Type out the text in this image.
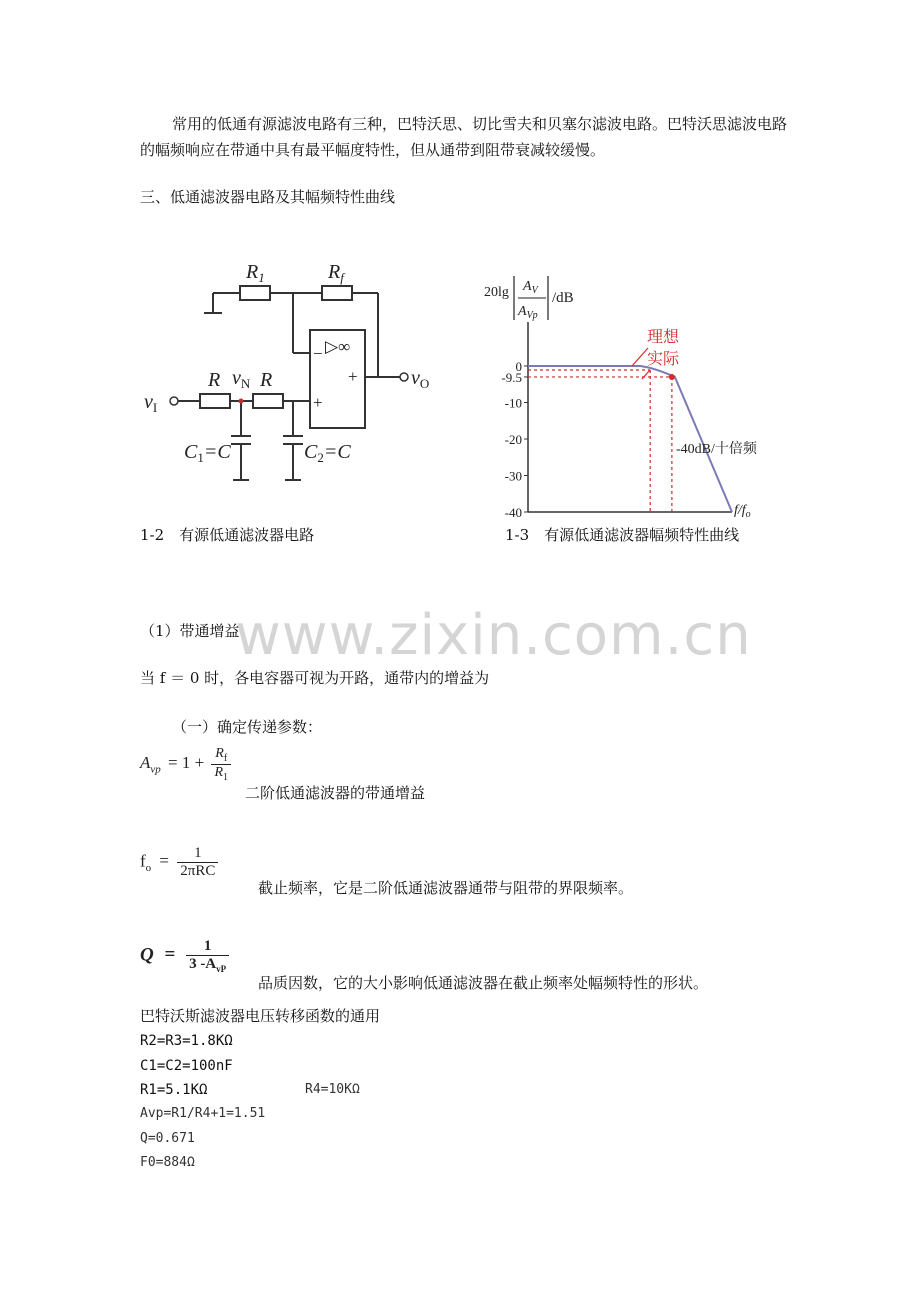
常用的低通有源滤波电路有三种，巴特沃思、切比雪夫和贝塞尔滤波电路。巴特沃思滤波电路的幅频响应在带通中具有最平幅度特性，但从通带到阻带衰减较缓慢。
三、低通滤波器电路及其幅频特性曲线
$R_1$	$R_f$
R R
$v_N$
$v_I$
$v_O$
$C_1=C$	$C_2=C$
− ▷∞
+
+
20lg $A_V$
$A_{Vp}$
/dB
0
-9.5
-10
-20
-30
-40	$f/f_o$
理想
实际
-40dB/十倍频
1-2　有源低通滤波器电路	1-3　有源低通滤波器幅频特性曲线
www.zixin.com.cn
（1）带通增益
当 f ＝ 0 时，各电容器可视为开路，通带内的增益为
（一）确定传递参数：
$A_{vp} = 1 + \frac{R_f}{R_1}$
二阶低通滤波器的带通增益
$f_o = \frac{1}{\text{2πRC}}$
截止频率，它是二阶低通滤波器通带与阻带的界限频率。
$Q = \frac{1}{3 -A_{vP}}$
品质因数，它的大小影响低通滤波器在截止频率处幅频特性的形状。
巴特沃斯滤波器电压转移函数的通用
R2=R3=1.8KΩ
C1=C2=100nF
R1=5.1KΩ	R4=10KΩ
Avp=R1/R4+1=1.51
Q=0.671
F0=884Ω
